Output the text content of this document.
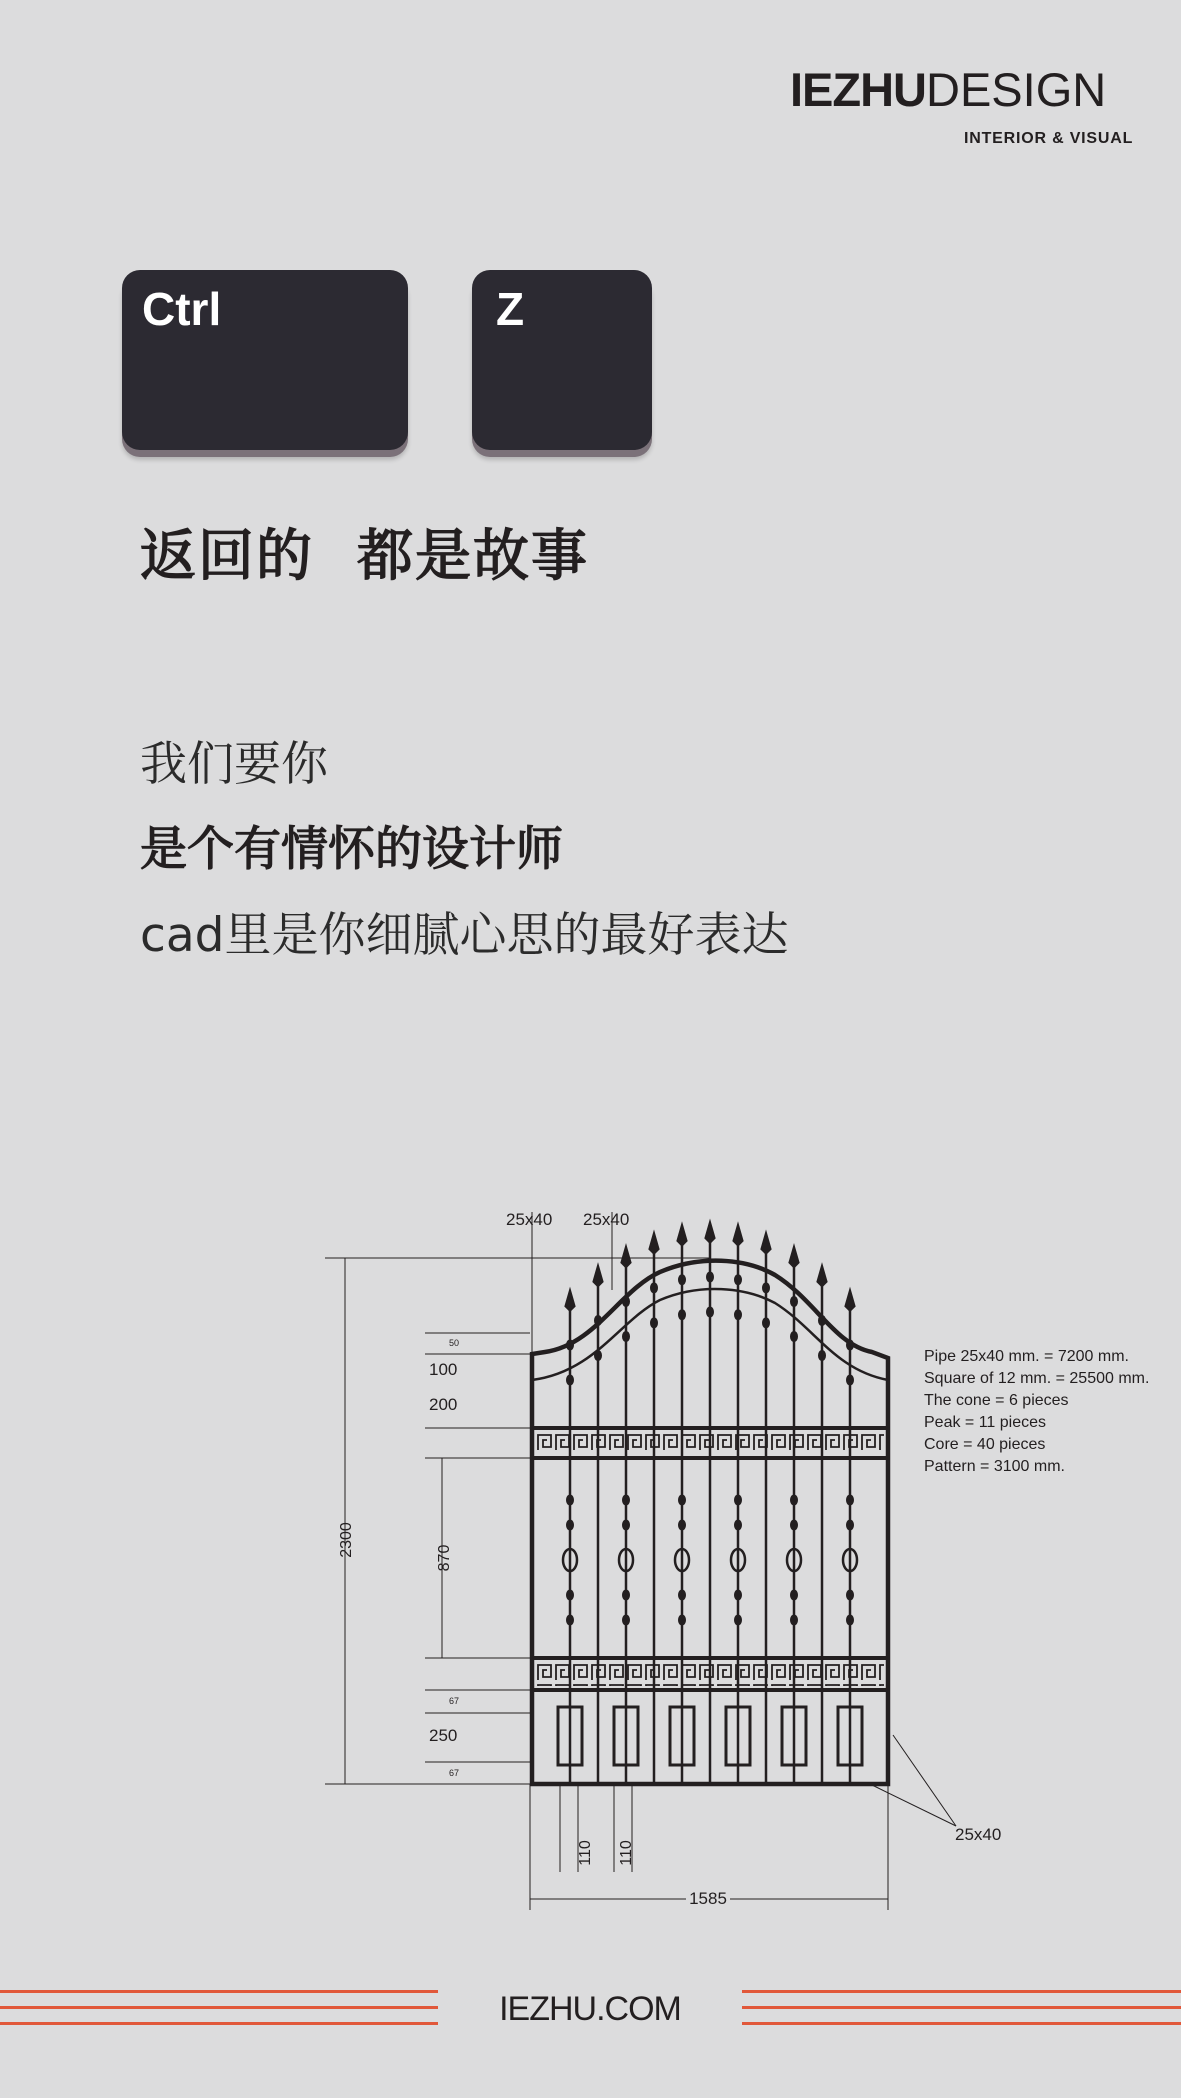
IEZHUDESIGN
INTERIOR & VISUAL
Ctrl	Z
返回的  都是故事
我们要你
是个有情怀的设计师
cad里是你细腻心思的最好表达
25x40 25x40
50
100
200
67
250
67
25x40
2300
870
110 110
1585
Pipe 25x40 mm. = 7200 mm.
Square of 12 mm. = 25500 mm.
The cone = 6 pieces
Peak = 11 pieces
Core = 40 pieces
Pattern = 3100 mm.
IEZHU.COM
